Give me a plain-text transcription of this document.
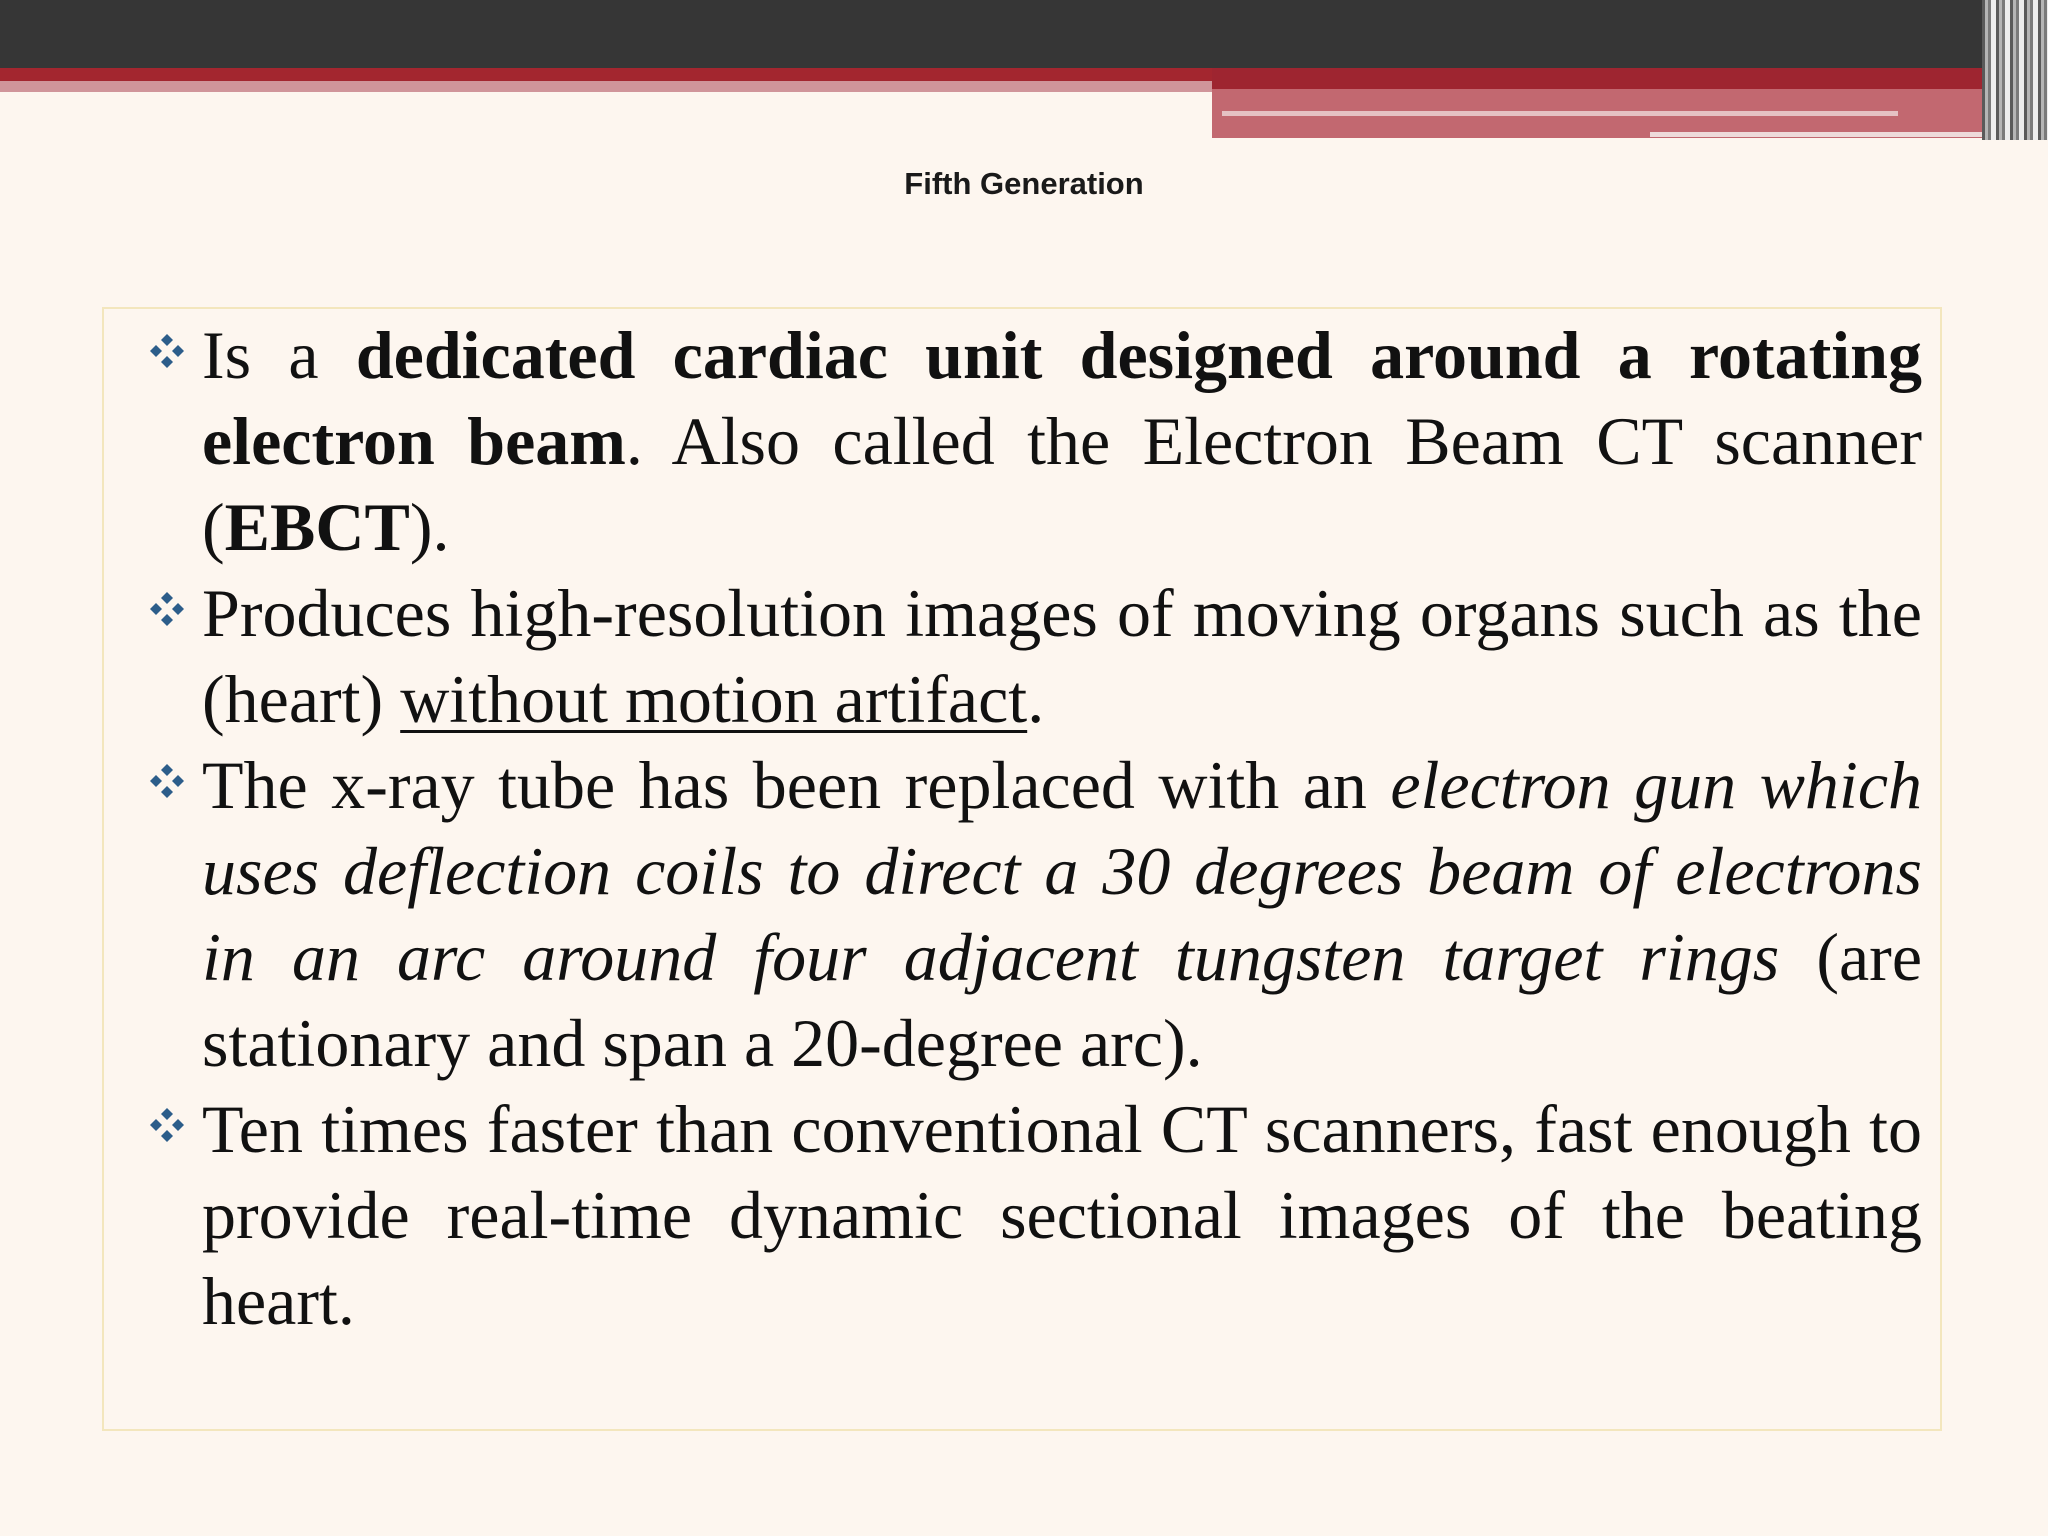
Fifth Generation
Is a dedicated cardiac unit designed around a rotating electron beam. Also called the Electron Beam CT scanner (EBCT).
Produces high-resolution images of moving organs such as the (heart) without motion artifact.
The x-ray tube has been replaced with an electron gun which uses deflection coils to direct a 30 degrees beam of electrons in an arc around four adjacent tungsten target rings (are stationary and span a 20-degree arc).
Ten times faster than conventional CT scanners, fast enough to provide real-time dynamic sectional images of the beating heart.
